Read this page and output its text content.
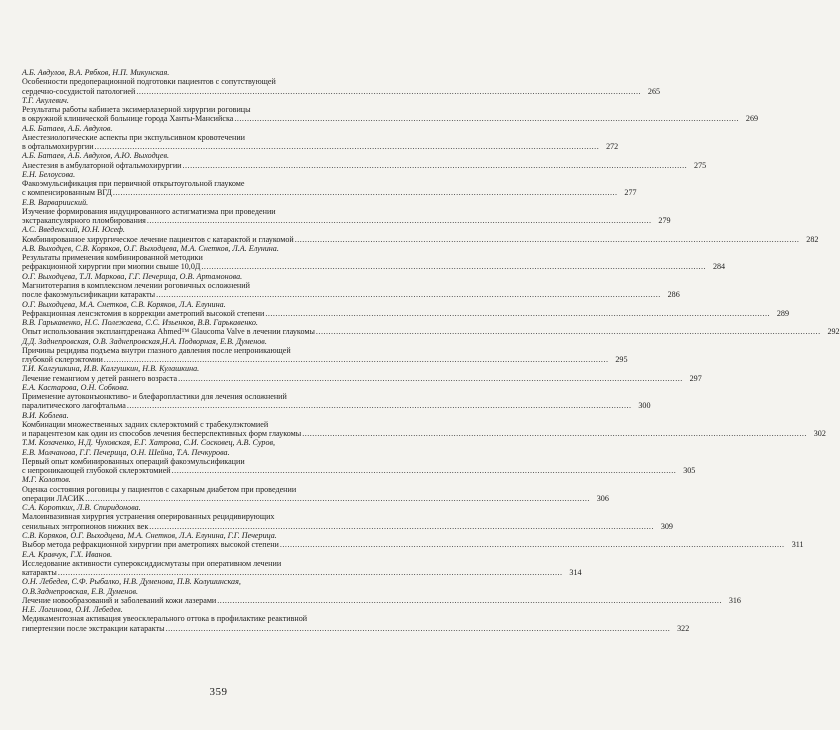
А.Б. Авдулов, В.А. Рябков, Н.П. Микунская.
Особенности предоперационной подготовки пациентов с сопутствующей
сердечно-сосудистой патологией ........................................................................................................................................................................................................ 265
Т.Г. Акулевич.
Результаты работы кабинета эксимерлазерной хирургии роговицы
в окружной клинической больнице города Ханты-Мансийска ........................................................................................................................................................................................................ 269
А.Б. Батаев, А.Б. Авдулов.
Анестезиологические аспекты при экспульсивном кровотечении
в офтальмохирургии ........................................................................................................................................................................................................ 272
А.Б. Батаев, А.Б. Авдулов, А.Ю. Выходцев.
Анестезия в амбулаторной офтальмохирургии ........................................................................................................................................................................................................ 275
Е.Н. Белоусова.
Факоэмульсификация при первичной открытоугольной глаукоме
с компенсированным ВГД ........................................................................................................................................................................................................ 277
Е.В. Варварииский.
Изучение формирования индуцированного астигматизма при проведении
экстракапсулярного пломбирования ........................................................................................................................................................................................................ 279
А.С. Введенский, Ю.Н. Юсеф.
Комбинированное хирургическое лечение пациентов с катарактой и глаукомой ........................................................................................................................................................................................................ 282
А.В. Выходцев, С.В. Коряков, О.Г. Выходцева, М.А. Снетков, Л.А. Елунина.
Результаты применения комбинированной методики
рефракционной хирургии при миопии свыше 10,0Д ........................................................................................................................................................................................................ 284
О.Г. Выходцева, Т.Л. Маркова, Г.Г. Печерица, О.В. Артамонова.
Магнитотерапия в комплексном лечении роговичных осложнений
после факоэмульсификации катаракты ........................................................................................................................................................................................................ 286
О.Г. Выходцева, М.А. Снетков, С.В. Коряков, Л.А. Елунина.
Рефракционная ленсэктомия в коррекции аметропий высокой степени ........................................................................................................................................................................................................ 289
В.В. Гарькавенко, Н.С. Полежаева, С.С. Изьенков, В.В. Гарькавенко.
Опыт использования эксплантдренажа Ahmed™ Glaucoma Valve в лечении глаукомы ........................................................................................................................................................................................................ 292
Д.Д. Заднепровская, О.В. Заднепровская,Н.А. Подворная, Е.В. Думенов.
Причины рецидива подъема внутри глазного давления после непроникающей
глубокой склерэктомии ........................................................................................................................................................................................................ 295
Т.И. Калгушкина, И.В. Калгушкин, Н.В. Кулашкина.
Лечение гемангиом у детей раннего возраста ........................................................................................................................................................................................................ 297
Е.А. Кастарова, О.Н. Собкова.
Применение аутоконъюнктиво- и блефаропластики для лечения осложнений
паралитического лагофтальма ........................................................................................................................................................................................................ 300
В.И. Коблева.
Комбинации множественных задних склерэктомий с трабекулэктомией
и парацентезом как один из способов лечения бесперспективных форм глаукомы ........................................................................................................................................................................................................ 302
Т.М. Козаченко, Н.Д. Чуховская, Е.Г. Хатрова, С.И. Сосковец, А.В. Суров,
Е.В. Молчанова, Г.Г. Печерица, О.Н. Шейна, Т.А. Печкурова.
Первый опыт комбинированных операций факоэмульсификации
с непроникающей глубокой склерэктомией ........................................................................................................................................................................................................ 305
М.Г. Колотов.
Оценка состояния роговицы у пациентов с сахарным диабетом при проведении
операции ЛАСИК ........................................................................................................................................................................................................ 306
С.А. Коротких, Л.В. Спиридонова.
Малоинвазивная хирургия устранения оперированных рецидивирующих
сенильных энтропионов нижних век ........................................................................................................................................................................................................ 309
С.В. Коряков, О.Г. Выходцева, М.А. Снетков, Л.А. Елунина, Г.Г. Печерица.
Выбор метода рефракционной хирургии при аметропиях высокой степени ........................................................................................................................................................................................................ 311
Е.А. Кравчук, Г.Х. Иванов.
Исследование активности супероксиддисмутазы при оперативном лечении
катаракты ........................................................................................................................................................................................................ 314
О.Н. Лебедев, С.Ф. Рыбалко, Н.В. Думенова, П.В. Колушинская,
О.В.Заднепровская, Е.В. Думенов.
Лечение новообразований и заболеваний кожи лазерами ........................................................................................................................................................................................................ 316
Н.Е. Логинова, О.И. Лебедев.
Медикаментозная активация увеосклерального оттока в профилактике реактивной
гипертензии после экстракции катаракты ........................................................................................................................................................................................................ 322
359
